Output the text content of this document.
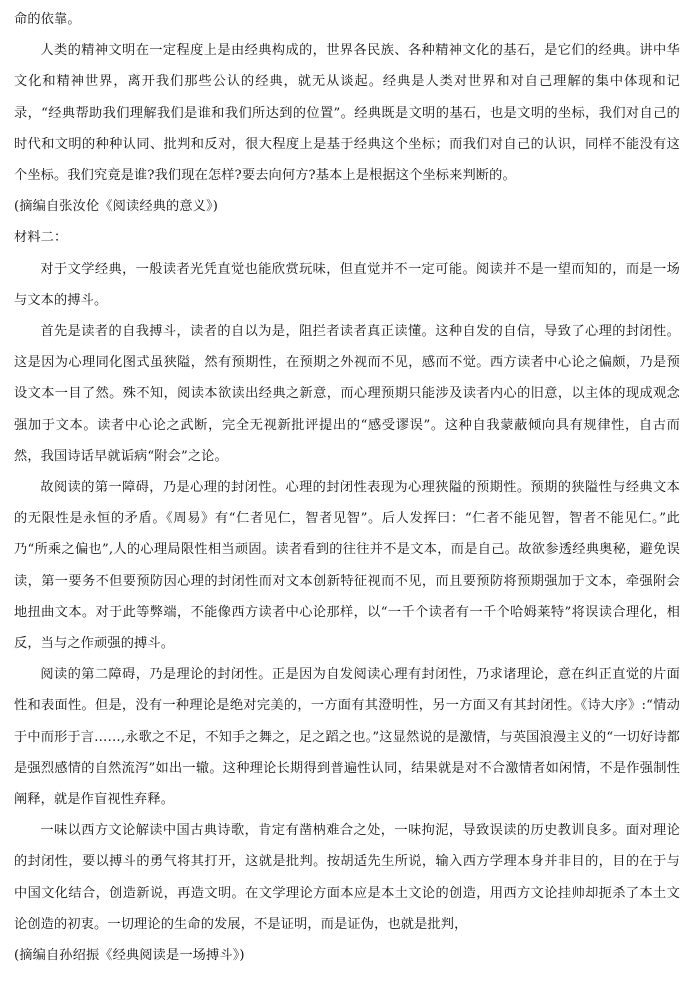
命的依靠。

人类的精神文明在一定程度上是由经典构成的，世界各民族、各种精神文化的基石，是它们的经典。讲中华文化和精神世界，离开我们那些公认的经典，就无从谈起。经典是人类对世界和对自己理解的集中体现和记录，“经典帮助我们理解我们是谁和我们所达到的位置”。经典既是文明的基石，也是文明的坐标，我们对自己的时代和文明的种种认同、批判和反对，很大程度上是基于经典这个坐标；而我们对自己的认识，同样不能没有这个坐标。我们究竟是谁?我们现在怎样?要去向何方?基本上是根据这个坐标来判断的。

(摘编自张汝伦《阅读经典的意义》)

材料二：

对于文学经典，一般读者光凭直觉也能欣赏玩味，但直觉并不一定可能。阅读并不是一望而知的，而是一场与文本的搏斗。

首先是读者的自我搏斗，读者的自以为是，阻拦者读者真正读懂。这种自发的自信，导致了心理的封闭性。这是因为心理同化图式虽狭隘，然有预期性，在预期之外视而不见，感而不觉。西方读者中心论之偏颇，乃是预设文本一目了然。殊不知，阅读本欲读出经典之新意，而心理预期只能涉及读者内心的旧意，以主体的现成观念强加于文本。读者中心论之武断，完全无视新批评提出的“感受谬误”。这种自我蒙蔽倾向具有规律性，自古而然，我国诗话早就诟病“附会”之论。

故阅读的第一障碍，乃是心理的封闭性。心理的封闭性表现为心理狭隘的预期性。预期的狭隘性与经典文本的无限性是永恒的矛盾。《周易》有“仁者见仁，智者见智”。后人发挥曰：“仁者不能见智，智者不能见仁。”此乃“所乘之偏也”,人的心理局限性相当顽固。读者看到的往往并不是文本，而是自己。故欲参透经典奥秘，避免误读，第一要务不但要预防因心理的封闭性而对文本创新特征视而不见，而且要预防将预期强加于文本，牵强附会地扭曲文本。对于此等弊端，不能像西方读者中心论那样，以“一千个读者有一千个哈姆莱特”将误读合理化，相反，当与之作顽强的搏斗。

阅读的第二障碍，乃是理论的封闭性。正是因为自发阅读心理有封闭性，乃求诸理论，意在纠正直觉的片面性和表面性。但是，没有一种理论是绝对完美的，一方面有其澄明性，另一方面又有其封闭性。《诗大序》:“情动于中而形于言……,永歌之不足，不知手之舞之，足之蹈之也。”这显然说的是激情，与英国浪漫主义的“一切好诗都是强烈感情的自然流泻”如出一辙。这种理论长期得到普遍性认同，结果就是对不合激情者如闲情，不是作强制性阐释，就是作盲视性弃释。

一味以西方文论解读中国古典诗歌，肯定有凿枘难合之处，一味拘泥，导致误读的历史教训良多。面对理论的封闭性，要以搏斗的勇气将其打开，这就是批判。按胡适先生所说，输入西方学理本身并非目的，目的在于与中国文化结合，创造新说，再造文明。在文学理论方面本应是本土文论的创造，用西方文论挂帅却扼杀了本土文论创造的初衷。一切理论的生命的发展，不是证明，而是证伪，也就是批判，

(摘编自孙绍振《经典阅读是一场搏斗》)
